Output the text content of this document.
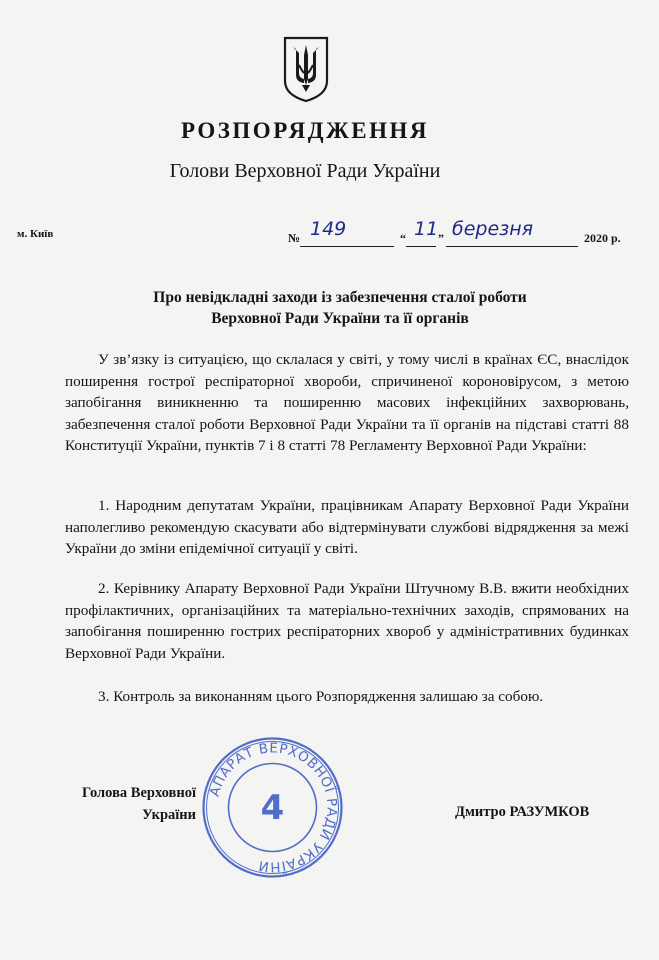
РОЗПОРЯДЖЕННЯ
Голови Верховної Ради України
м. Київ	№ 149	“ 11 ” березня	2020 р.
Про невідкладні заходи із забезпечення сталої роботи
Верховної Ради України та її органів

У зв’язку із ситуацією, що склалася у світі, у тому числі в країнах ЄС, внаслідок поширення гострої респіраторної хвороби, спричиненої короновірусом, з метою запобігання виникненню та поширенню масових інфекційних захворювань, забезпечення сталої роботи Верховної Ради України та її органів на підставі статті 88 Конституції України, пунктів 7 і 8 статті 78 Регламенту Верховної Ради України:

1. Народним депутатам України, працівникам Апарату Верховної Ради України наполегливо рекомендую скасувати або відтермінувати службові відрядження за межі України до зміни епідемічної ситуації у світі.

2. Керівнику Апарату Верховної Ради України Штучному В.В. вжити необхідних профілактичних, організаційних та матеріально-технічних заходів, спрямованих на запобігання поширенню гострих респіраторних хвороб у адміністративних будинках Верховної Ради України.

3. Контроль за виконанням цього Розпорядження залишаю за собою.

Голова Верховної
України
АПАРАТ ВЕРХОВНОЇ РАДИ УКРАЇНИ
4	Дмитро РАЗУМКОВ
